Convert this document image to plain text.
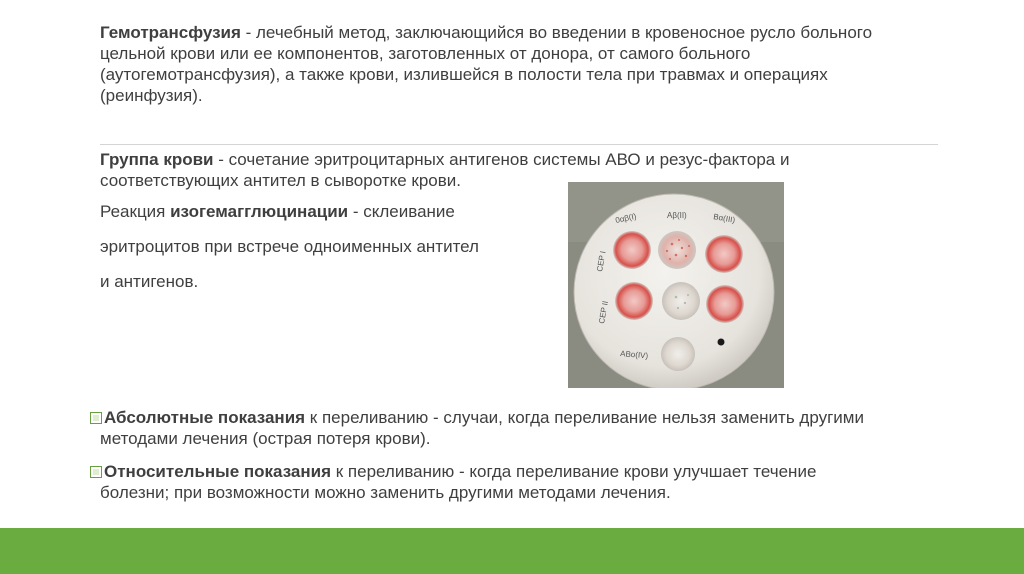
Гемотрансфузия - лечебный метод, заключающийся во введении в кровеносное русло больного цельной крови или ее компонентов, заготовленных от донора, от самого больного (аутогемотрансфузия), а также крови, излившейся в полости тела при травмах и операциях (реинфузия).

Группа крови - сочетание эритроцитарных антигенов системы АВО и резус-фактора и соответствующих антител в сыворотке крови.

Реакция изогемагглюцинации - склеивание

эритроцитов при встрече одноименных антител

и антигенов.

0αβ(I)	Aβ(II)	Bα(III)
CEP I
CEP II
ABo(IV)
Абсолютные показания к переливанию - случаи, когда переливание нельзя заменить другими
методами лечения (острая потеря крови).
Относительные показания к переливанию - когда переливание крови улучшает течение
болезни; при возможности можно заменить другими методами лечения.
